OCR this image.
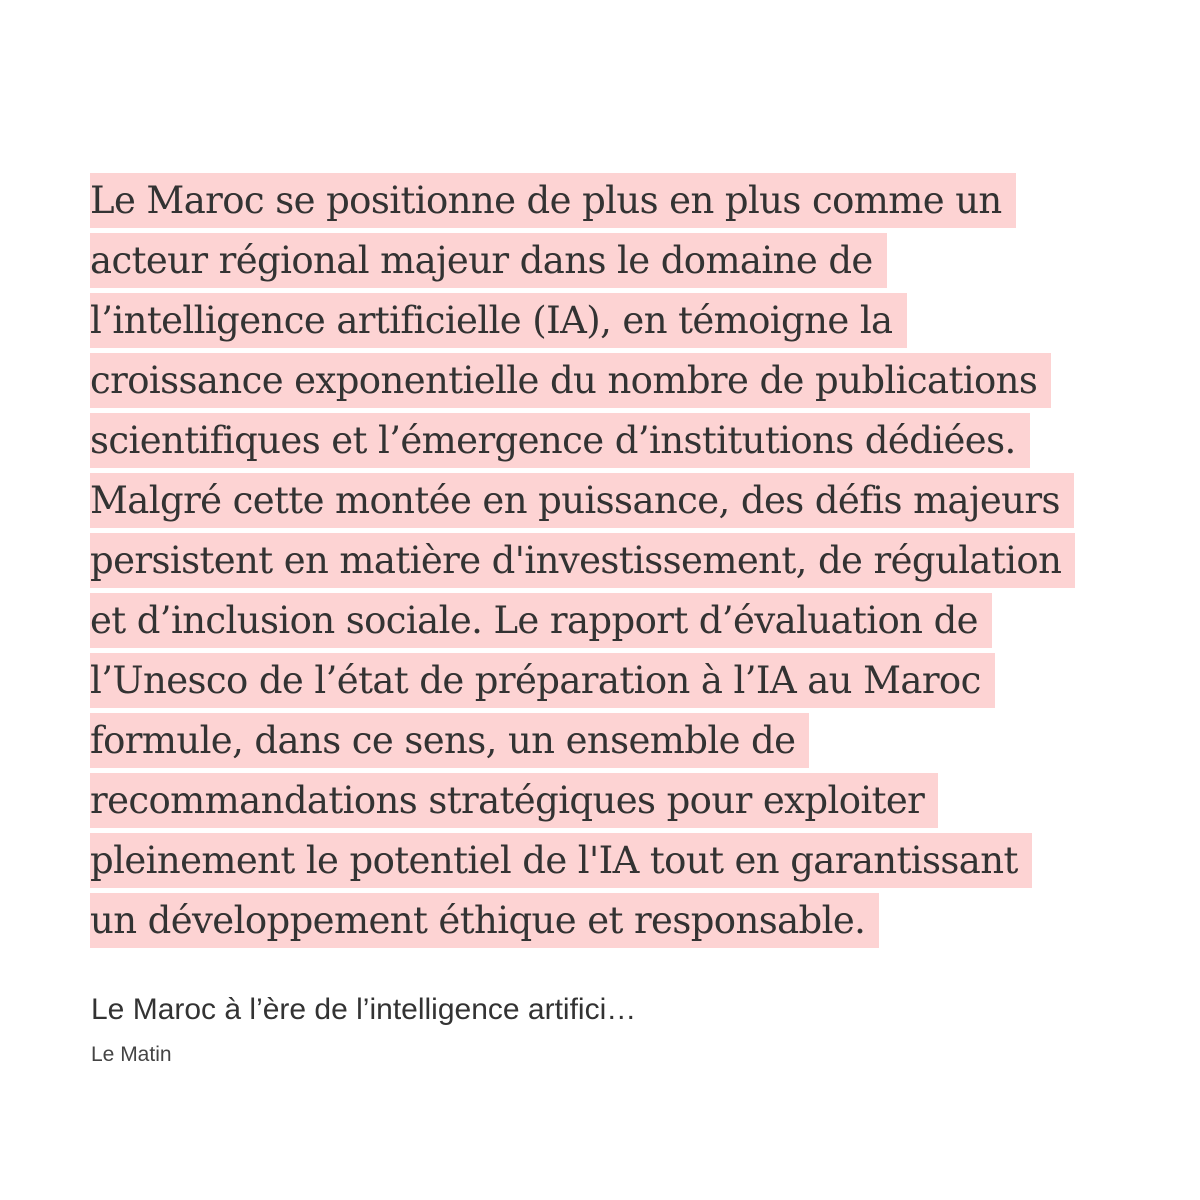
Le Maroc se positionne de plus en plus comme un
acteur régional majeur dans le domaine de
l’intelligence artificielle (IA), en témoigne la
croissance exponentielle du nombre de publications
scientifiques et l’émergence d’institutions dédiées.
Malgré cette montée en puissance, des défis majeurs
persistent en matière d'investissement, de régulation
et d’inclusion sociale. Le rapport d’évaluation de
l’Unesco de l’état de préparation à l’IA au Maroc
formule, dans ce sens, un ensemble de
recommandations stratégiques pour exploiter
pleinement le potentiel de l'IA tout en garantissant
un développement éthique et responsable.
Le Maroc à l’ère de l’intelligence artifici…
Le Matin
